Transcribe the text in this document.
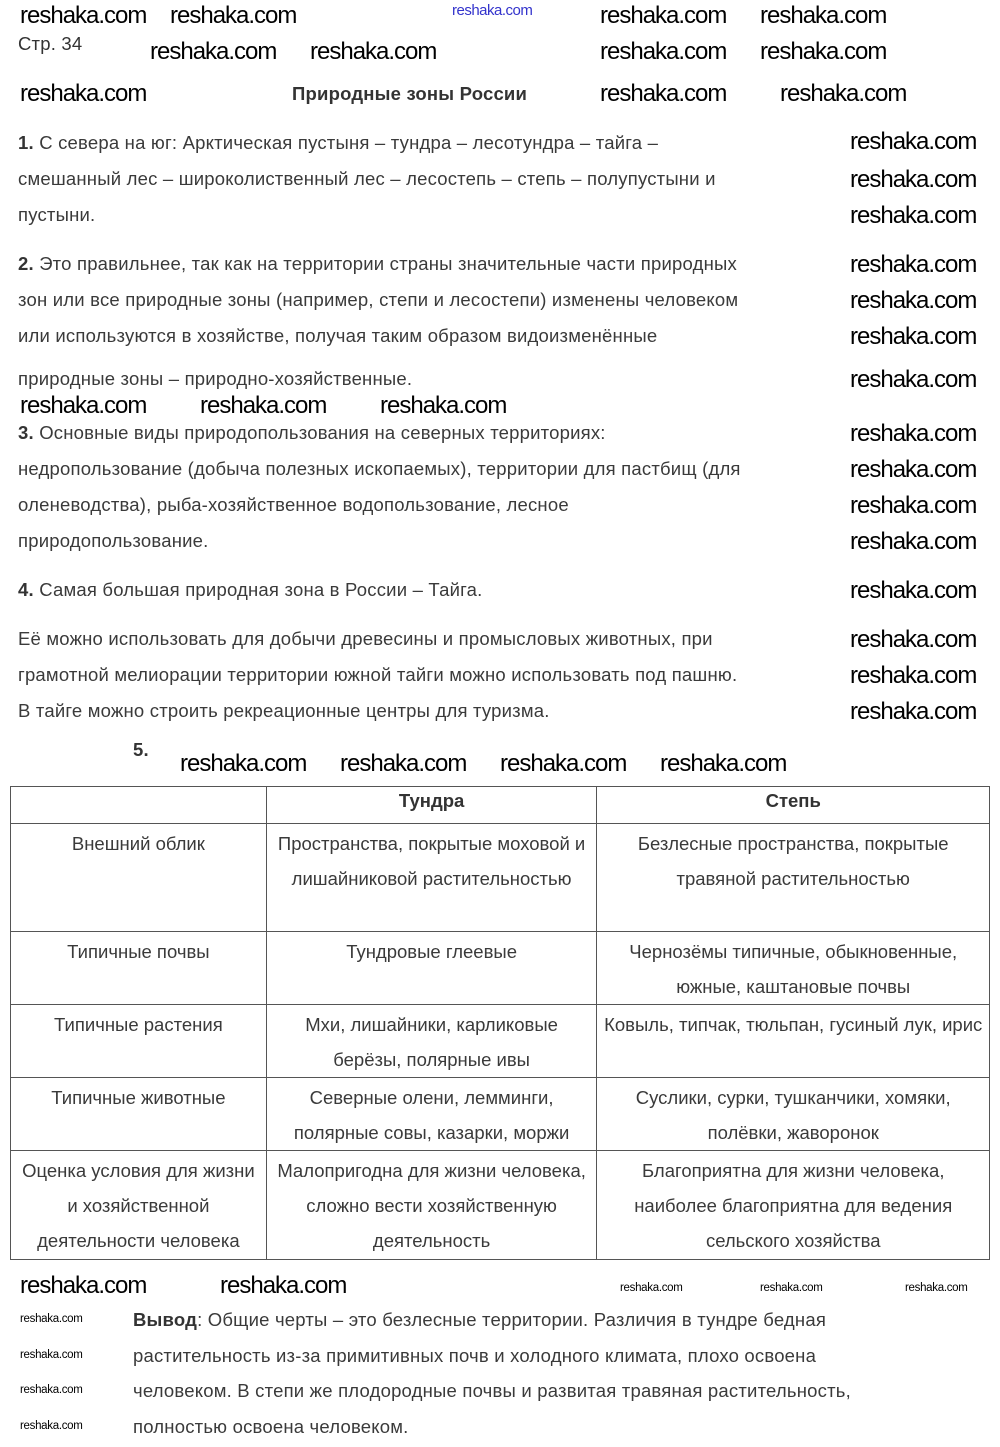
reshaka.com
Стр. 34
Природные зоны России
1. С севера на юг: Арктическая пустыня – тундра – лесотундра – тайга –
смешанный лес – широколиственный лес – лесостепь – степь – полупустыни и
пустыни.
2. Это правильнее, так как на территории страны значительные части природных
зон или все природные зоны (например, степи и лесостепи) изменены человеком
или используются в хозяйстве, получая таким образом видоизменённые
природные зоны – природно-хозяйственные.
3. Основные виды природопользования на северных территориях:
недропользование (добыча полезных ископаемых), территории для пастбищ (для
оленеводства), рыба-хозяйственное водопользование, лесное
природопользование.
4. Самая большая природная зона в России – Тайга.
Её можно использовать для добычи древесины и промысловых животных, при
грамотной мелиорации территории южной тайги можно использовать под пашню.
В тайге можно строить рекреационные центры для туризма.
5.
	Тундра	Степь
Внешний облик	Пространства, покрытые моховой и лишайниковой растительностью	Безлесные пространства, покрытые травяной растительностью
Типичные почвы	Тундровые глеевые	Чернозёмы типичные, обыкновенные, южные, каштановые почвы
Типичные растения	Мхи, лишайники, карликовые берёзы, полярные ивы	Ковыль, типчак, тюльпан, гусиный лук, ирис
Типичные животные	Северные олени, лемминги, полярные совы, казарки, моржи	Суслики, сурки, тушканчики, хомяки, полёвки, жаворонок
Оценка условия для жизни и хозяйственной деятельности человека	Малопригодна для жизни человека, сложно вести хозяйственную деятельность	Благоприятна для жизни человека, наиболее благоприятна для ведения сельского хозяйства
Вывод: Общие черты – это безлесные территории. Различия в тундре бедная
растительность из-за примитивных почв и холодного климата, плохо освоена
человеком. В степи же плодородные почвы и развитая травяная растительность,
полностью освоена человеком.
reshaka.com reshaka.com	reshaka.com reshaka.com
reshaka.com reshaka.com	reshaka.com reshaka.com
reshaka.com	reshaka.com reshaka.com
reshaka.com
reshaka.com
reshaka.com
reshaka.com
reshaka.com
reshaka.com
reshaka.com
reshaka.com
reshaka.com
reshaka.com
reshaka.com
reshaka.com
reshaka.com
reshaka.com
reshaka.com
reshaka.com reshaka.com reshaka.com
reshaka.com reshaka.com reshaka.com reshaka.com
reshaka.com	reshaka.com
reshaka.com
reshaka.com
reshaka.com
reshaka.com
reshaka.com
reshaka.com
reshaka.com
